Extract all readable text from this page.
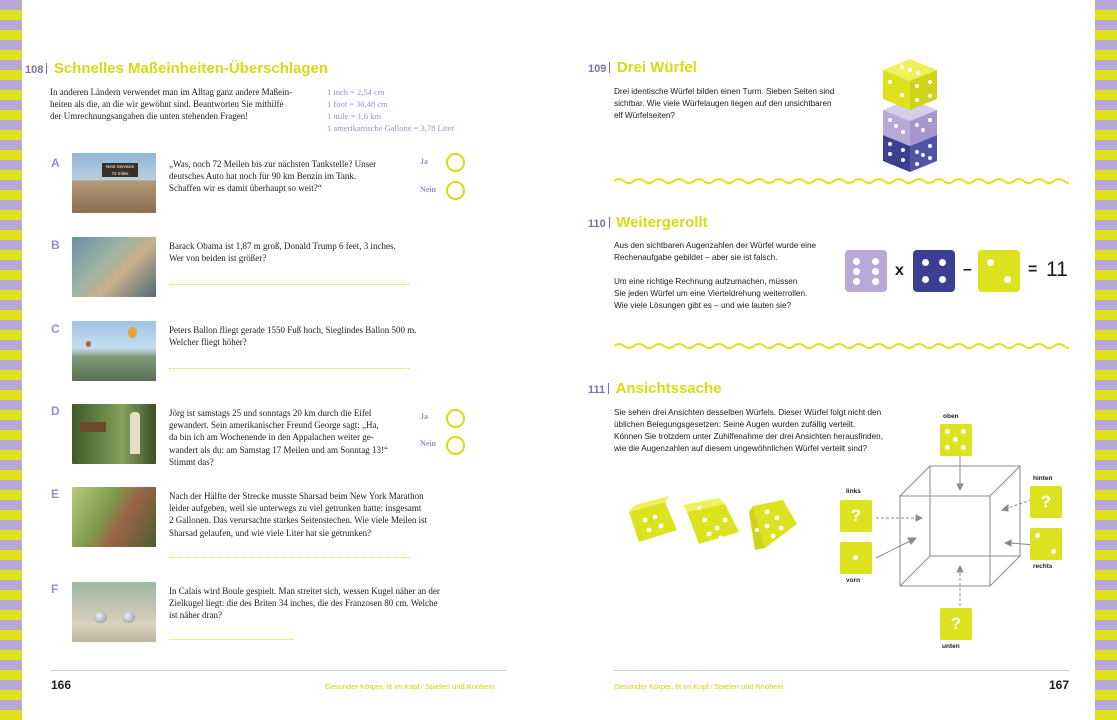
108 Schnelles Maßeinheiten-Überschlagen
In anderen Ländern verwendet man im Alltag ganz andere Maßein-
heiten als die, an die wir gewöhnt sind. Beantworten Sie mithilfe
der Umrechnungsangaben die unten stehenden Fragen!
1 inch = 2,54 cm
1 foot = 30,48 cm
1 mile = 1,6 km
1 amerikanische Gallone = 3,78 Liter
A	Next Services
72 miles
„Was, noch 72 Meilen bis zur nächsten Tankstelle? Unser
deutsches Auto hat noch für 90 km Benzin im Tank.
Schaffen wir es damit überhaupt so weit?“
Ja
Nein
B	Barack Obama ist 1,87 m groß, Donald Trump 6 feet, 3 inches.
Wer von beiden ist größer?
C	Peters Ballon fliegt gerade 1550 Fuß hoch, Sieglindes Ballon 500 m.
Welcher fliegt höher?
D	Jörg ist samstags 25 und sonntags 20 km durch die Eifel
gewandert. Sein amerikanischer Freund George sagt: „Ha,
da bin ich am Wochenende in den Appalachen weiter ge-
wandert als du: am Samstag 17 Meilen und am Sonntag 13!“
Stimmt das?
Ja
Nein
E	Nach der Hälfte der Strecke musste Sharsad beim New York Marathon
leider aufgeben, weil sie unterwegs zu viel getrunken hatte: insgesamt
2 Gallonen. Das verursachte starkes Seitenstechen. Wie viele Meilen ist
Sharsad gelaufen, und wie viele Liter hat sie getrunken?
F	In Calais wird Boule gespielt. Man streitet sich, wessen Kugel näher an der
Zielkugel liegt: die des Briten 34 inches, die des Franzosen 80 cm. Welche
ist näher dran?
166	Gesunder Körper, fit im Kopf ∕ Spielen und Knobeln
109 Drei Würfel
Drei identische Würfel bilden einen Turm. Sieben Seiten sind
sichtbar. Wie viele Würfelaugen liegen auf den unsichtbaren
elf Würfelseiten?
110 Weitergerollt
Aus den sichtbaren Augenzahlen der Würfel wurde eine
Rechenaufgabe gebildet – aber sie ist falsch.
Um eine richtige Rechnung aufzumachen, müssen
Sie jeden Würfel um eine Vierteldrehung weiterrollen.
Wie viele Lösungen gibt es – und wie lauten sie?
x	–	= 11
111 Ansichtssache
Sie sehen drei Ansichten desselben Würfels. Dieser Würfel folgt nicht den
üblichen Belegungsgesetzen: Seine Augen wurden zufällig verteilt.
Können Sie trotzdem unter Zuhilfenahme der drei Ansichten herausfinden,
wie die Augenzahlen auf diesem ungewöhnlichen Würfel verteilt sind?
oben
links
?
vorn
hinten
?
rechts
?
unten
Gesunder Körper, fit im Kopf ∕ Spielen und Knobeln	167
